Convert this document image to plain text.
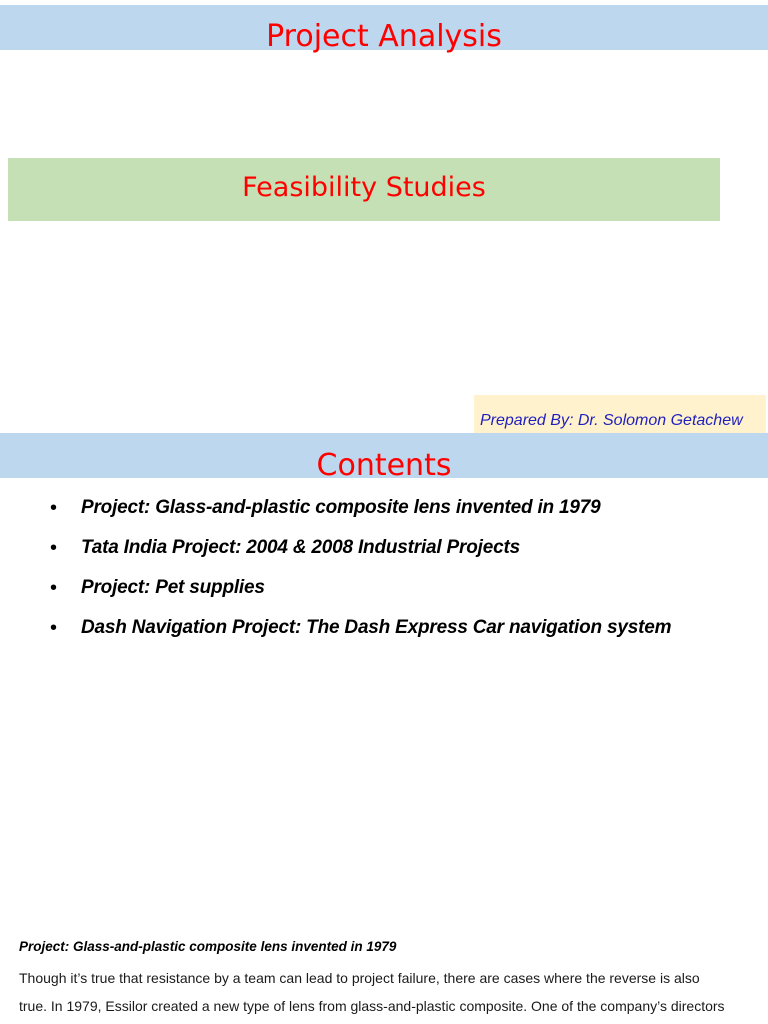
Project Analysis
Feasibility Studies
Prepared By: Dr. Solomon Getachew
Contents
• Project: Glass-and-plastic composite lens invented in 1979
• Tata India Project: 2004 & 2008 Industrial Projects
• Project: Pet supplies
• Dash Navigation Project: The Dash Express Car navigation system
Project: Glass-and-plastic composite lens invented in 1979
Though it’s true that resistance by a team can lead to project failure, there are cases where the reverse is also
true. In 1979, Essilor created a new type of lens from glass-and-plastic composite. One of the company’s directors
